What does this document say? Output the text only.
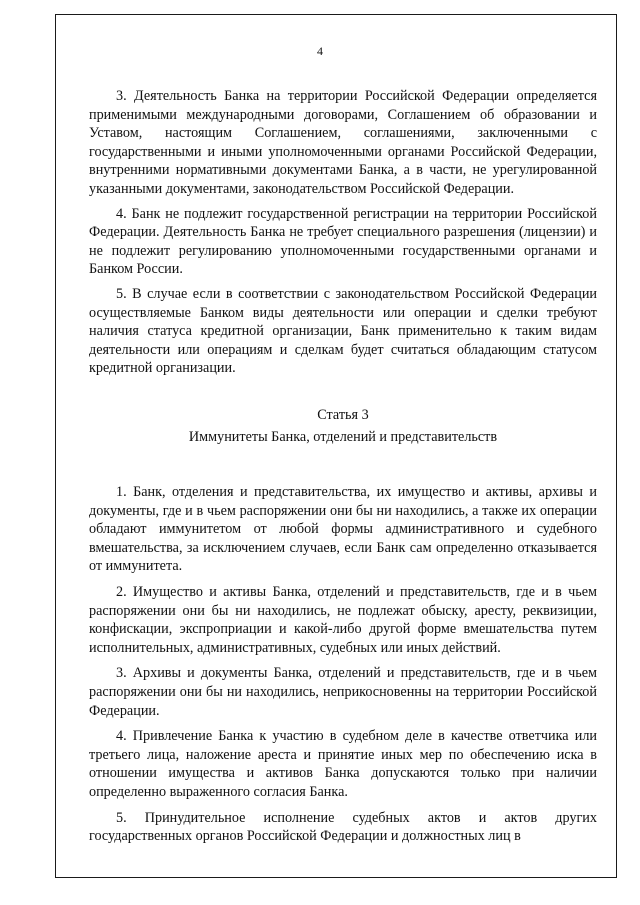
4

3. Деятельность Банка на территории Российской Федерации определяется применимыми международными договорами, Соглашением об образовании и Уставом, настоящим Соглашением, соглашениями, заключенными с государственными и иными уполномоченными органами Российской Федерации, внутренними нормативными документами Банка, а в части, не урегулированной указанными документами, законодательством Российской Федерации.

4. Банк не подлежит государственной регистрации на территории Российской Федерации. Деятельность Банка не требует специального разрешения (лицензии) и не подлежит регулированию уполномоченными государственными органами и Банком России.

5. В случае если в соответствии с законодательством Российской Федерации осуществляемые Банком виды деятельности или операции и сделки требуют наличия статуса кредитной организации, Банк применительно к таким видам деятельности или операциям и сделкам будет считаться обладающим статусом кредитной организации.

Статья 3

Иммунитеты Банка, отделений и представительств

1. Банк, отделения и представительства, их имущество и активы, архивы и документы, где и в чьем распоряжении они бы ни находились, а также их операции обладают иммунитетом от любой формы административного и судебного вмешательства, за исключением случаев, если Банк сам определенно отказывается от иммунитета.

2. Имущество и активы Банка, отделений и представительств, где и в чьем распоряжении они бы ни находились, не подлежат обыску, аресту, реквизиции, конфискации, экспроприации и какой-либо другой форме вмешательства путем исполнительных, административных, судебных или иных действий.

3. Архивы и документы Банка, отделений и представительств, где и в чьем распоряжении они бы ни находились, неприкосновенны на территории Российской Федерации.

4. Привлечение Банка к участию в судебном деле в качестве ответчика или третьего лица, наложение ареста и принятие иных мер по обеспечению иска в отношении имущества и активов Банка допускаются только при наличии определенно выраженного согласия Банка.

5. Принудительное исполнение судебных актов и актов других государственных органов Российской Федерации и должностных лиц в
